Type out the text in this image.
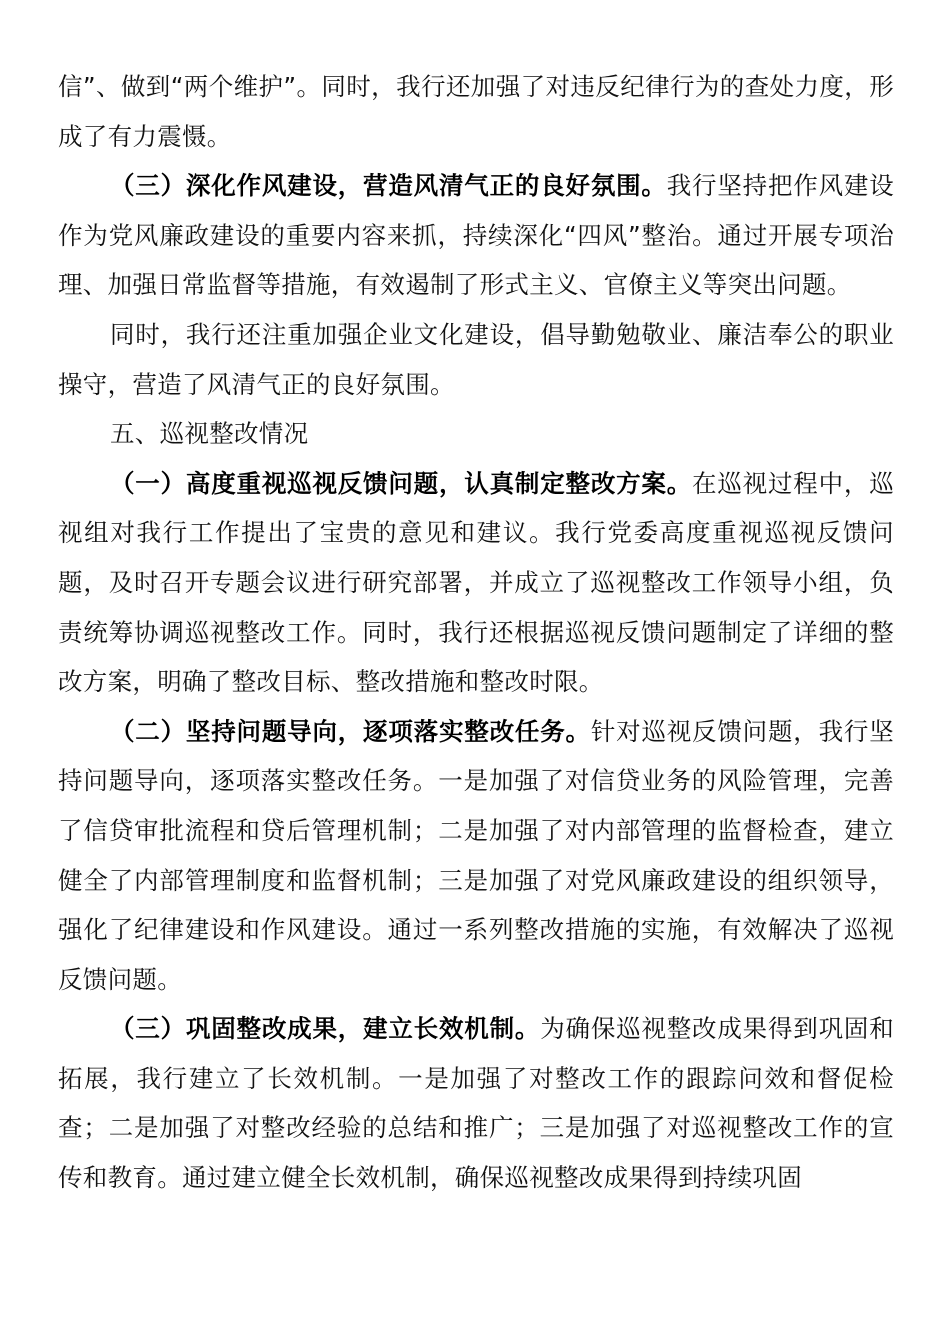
信”、做到“两个维护”。同时，我行还加强了对违反纪律行为的查处力度，形成了有力震慑。

（三）深化作风建设，营造风清气正的良好氛围。我行坚持把作风建设作为党风廉政建设的重要内容来抓，持续深化“四风”整治。通过开展专项治理、加强日常监督等措施，有效遏制了形式主义、官僚主义等突出问题。

同时，我行还注重加强企业文化建设，倡导勤勉敬业、廉洁奉公的职业操守，营造了风清气正的良好氛围。

五、巡视整改情况

（一）高度重视巡视反馈问题，认真制定整改方案。在巡视过程中，巡视组对我行工作提出了宝贵的意见和建议。我行党委高度重视巡视反馈问题，及时召开专题会议进行研究部署，并成立了巡视整改工作领导小组，负责统筹协调巡视整改工作。同时，我行还根据巡视反馈问题制定了详细的整改方案，明确了整改目标、整改措施和整改时限。

（二）坚持问题导向，逐项落实整改任务。针对巡视反馈问题，我行坚持问题导向，逐项落实整改任务。一是加强了对信贷业务的风险管理，完善了信贷审批流程和贷后管理机制；二是加强了对内部管理的监督检查，建立健全了内部管理制度和监督机制；三是加强了对党风廉政建设的组织领导，强化了纪律建设和作风建设。通过一系列整改措施的实施，有效解决了巡视反馈问题。

（三）巩固整改成果，建立长效机制。为确保巡视整改成果得到巩固和拓展，我行建立了长效机制。一是加强了对整改工作的跟踪问效和督促检查；二是加强了对整改经验的总结和推广；三是加强了对巡视整改工作的宣传和教育。通过建立健全长效机制，确保巡视整改成果得到持续巩固
